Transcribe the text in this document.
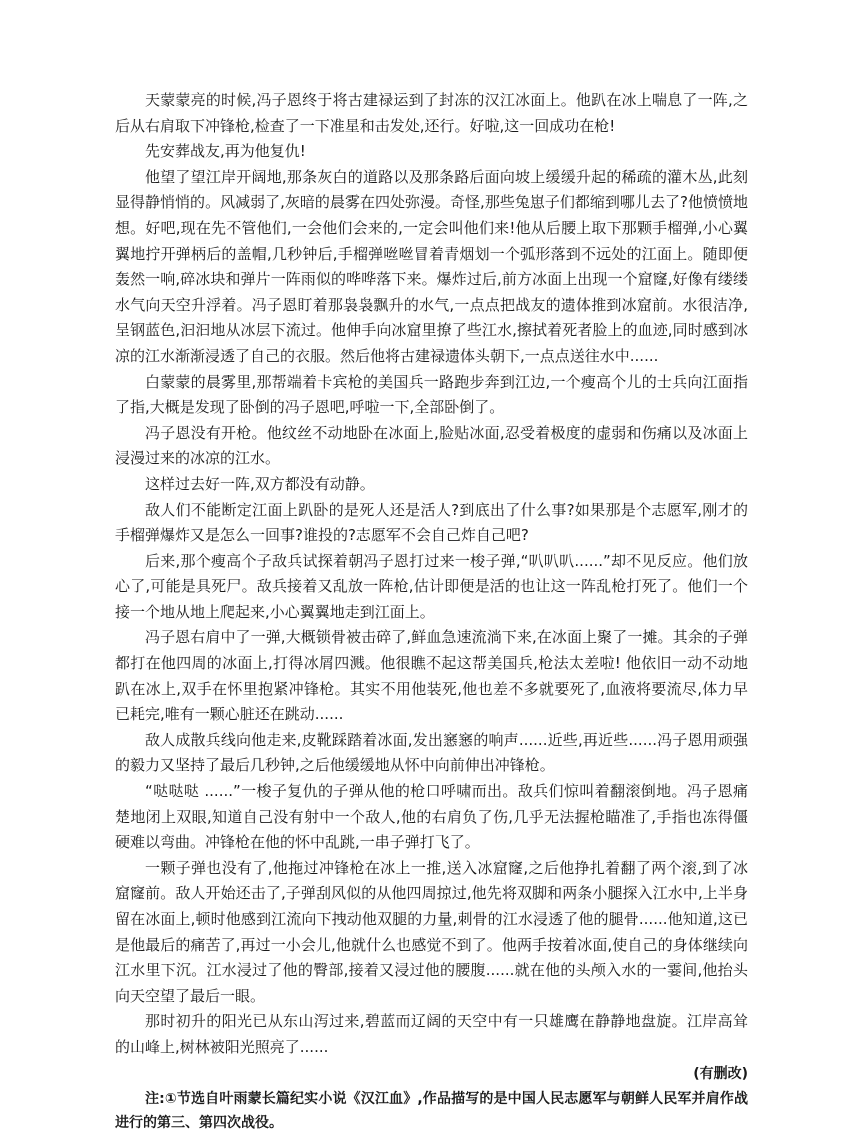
天蒙蒙亮的时候,冯子恩终于将古建禄运到了封冻的汉江冰面上。他趴在冰上喘息了一阵,之后从右肩取下冲锋枪,检查了一下准星和击发处,还行。好啦,这一回成功在枪!

先安葬战友,再为他复仇!

他望了望江岸开阔地,那条灰白的道路以及那条路后面向坡上缓缓升起的稀疏的灌木丛,此刻显得静悄悄的。风减弱了,灰暗的晨雾在四处弥漫。奇怪,那些兔崽子们都缩到哪儿去了?他愤愤地想。好吧,现在先不管他们,一会他们会来的,一定会叫他们来!他从后腰上取下那颗手榴弹,小心翼翼地拧开弹柄后的盖帽,几秒钟后,手榴弹咝咝冒着青烟划一个弧形落到不远处的江面上。随即便轰然一响,碎冰块和弹片一阵雨似的哗哗落下来。爆炸过后,前方冰面上出现一个窟窿,好像有缕缕水气向天空升浮着。冯子恩盯着那袅袅飘升的水气,一点点把战友的遗体推到冰窟前。水很洁净,呈钢蓝色,汩汩地从冰层下流过。他伸手向冰窟里撩了些江水,擦拭着死者脸上的血迹,同时感到冰凉的江水渐渐浸透了自己的衣服。然后他将古建禄遗体头朝下,一点点送往水中......

白蒙蒙的晨雾里,那帮端着卡宾枪的美国兵一路跑步奔到江边,一个瘦高个儿的士兵向江面指了指,大概是发现了卧倒的冯子恩吧,呼啦一下,全部卧倒了。

冯子恩没有开枪。他纹丝不动地卧在冰面上,脸贴冰面,忍受着极度的虚弱和伤痛以及冰面上浸漫过来的冰凉的江水。

这样过去好一阵,双方都没有动静。

敌人们不能断定江面上趴卧的是死人还是活人?到底出了什么事?如果那是个志愿军,刚才的手榴弹爆炸又是怎么一回事?谁投的?志愿军不会自己炸自己吧?

后来,那个瘦高个子敌兵试探着朝冯子恩打过来一梭子弹,“叭叭叭......”却不见反应。他们放心了,可能是具死尸。敌兵接着又乱放一阵枪,估计即便是活的也让这一阵乱枪打死了。他们一个接一个地从地上爬起来,小心翼翼地走到江面上。

冯子恩右肩中了一弹,大概锁骨被击碎了,鲜血急速流淌下来,在冰面上聚了一摊。其余的子弹都打在他四周的冰面上,打得冰屑四溅。他很瞧不起这帮美国兵,枪法太差啦! 他依旧一动不动地趴在冰上,双手在怀里抱紧冲锋枪。其实不用他装死,他也差不多就要死了,血液将要流尽,体力早已耗完,唯有一颗心脏还在跳动......

敌人成散兵线向他走来,皮靴踩踏着冰面,发出窸窸的响声......近些,再近些......冯子恩用顽强的毅力又坚持了最后几秒钟,之后他缓缓地从怀中向前伸出冲锋枪。

“哒哒哒 ......”一梭子复仇的子弹从他的枪口呼啸而出。敌兵们惊叫着翻滚倒地。冯子恩痛楚地闭上双眼,知道自己没有射中一个敌人,他的右肩负了伤,几乎无法握枪瞄准了,手指也冻得僵硬难以弯曲。冲锋枪在他的怀中乱跳,一串子弹打飞了。

一颗子弹也没有了,他拖过冲锋枪在冰上一推,送入冰窟窿,之后他挣扎着翻了两个滚,到了冰窟窿前。敌人开始还击了,子弹刮风似的从他四周掠过,他先将双脚和两条小腿探入江水中,上半身留在冰面上,顿时他感到江流向下拽动他双腿的力量,刺骨的江水浸透了他的腿骨......他知道,这已是他最后的痛苦了,再过一小会儿,他就什么也感觉不到了。他两手按着冰面,使自己的身体继续向江水里下沉。江水浸过了他的臀部,接着又浸过他的腰腹......就在他的头颅入水的一霎间,他抬头向天空望了最后一眼。

那时初升的阳光已从东山泻过来,碧蓝而辽阔的天空中有一只雄鹰在静静地盘旋。江岸高耸的山峰上,树林被阳光照亮了......

(有删改)

注:①节选自叶雨蒙长篇纪实小说《汉江血》,作品描写的是中国人民志愿军与朝鲜人民军并肩作战进行的第三、第四次战役。
